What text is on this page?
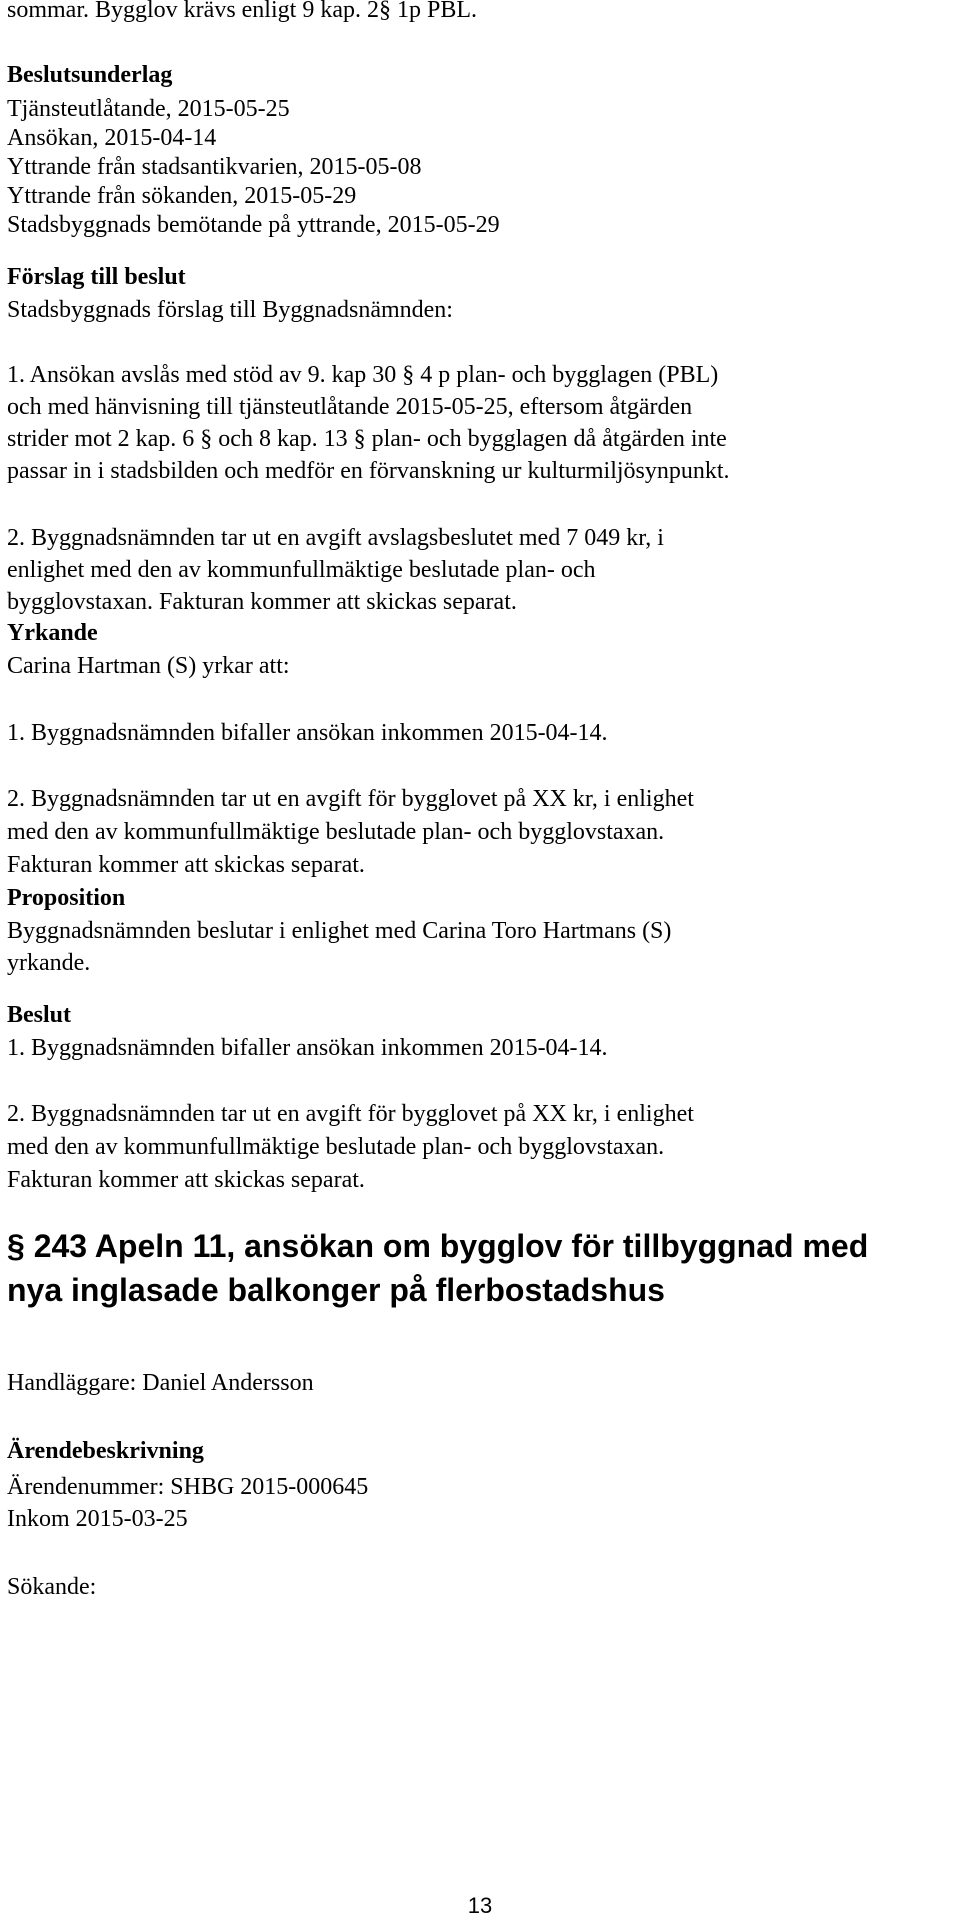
sommar. Bygglov krävs enligt 9 kap. 2§ 1p PBL.
Beslutsunderlag
Tjänsteutlåtande, 2015-05-25
Ansökan, 2015-04-14
Yttrande från stadsantikvarien, 2015-05-08
Yttrande från sökanden, 2015-05-29
Stadsbyggnads bemötande på yttrande, 2015-05-29
Förslag till beslut
Stadsbyggnads förslag till Byggnadsnämnden:
1. Ansökan avslås med stöd av 9. kap 30 § 4 p plan- och bygglagen (PBL)
och med hänvisning till tjänsteutlåtande 2015-05-25, eftersom åtgärden
strider mot 2 kap. 6 § och 8 kap. 13 § plan- och bygglagen då åtgärden inte
passar in i stadsbilden och medför en förvanskning ur kulturmiljösynpunkt.
2. Byggnadsnämnden tar ut en avgift avslagsbeslutet med 7 049 kr, i
enlighet med den av kommunfullmäktige beslutade plan- och
bygglovstaxan. Fakturan kommer att skickas separat.
Yrkande
Carina Hartman (S) yrkar att:
1. Byggnadsnämnden bifaller ansökan inkommen 2015-04-14.
2. Byggnadsnämnden tar ut en avgift för bygglovet på XX kr, i enlighet
med den av kommunfullmäktige beslutade plan- och bygglovstaxan.
Fakturan kommer att skickas separat.
Proposition
Byggnadsnämnden beslutar i enlighet med Carina Toro Hartmans (S)
yrkande.
Beslut
1. Byggnadsnämnden bifaller ansökan inkommen 2015-04-14.
2. Byggnadsnämnden tar ut en avgift för bygglovet på XX kr, i enlighet
med den av kommunfullmäktige beslutade plan- och bygglovstaxan.
Fakturan kommer att skickas separat.
§ 243 Apeln 11, ansökan om bygglov för tillbyggnad med
nya inglasade balkonger på flerbostadshus
Handläggare: Daniel Andersson
Ärendebeskrivning
Ärendenummer: SHBG 2015-000645
Inkom 2015-03-25
Sökande:
13
